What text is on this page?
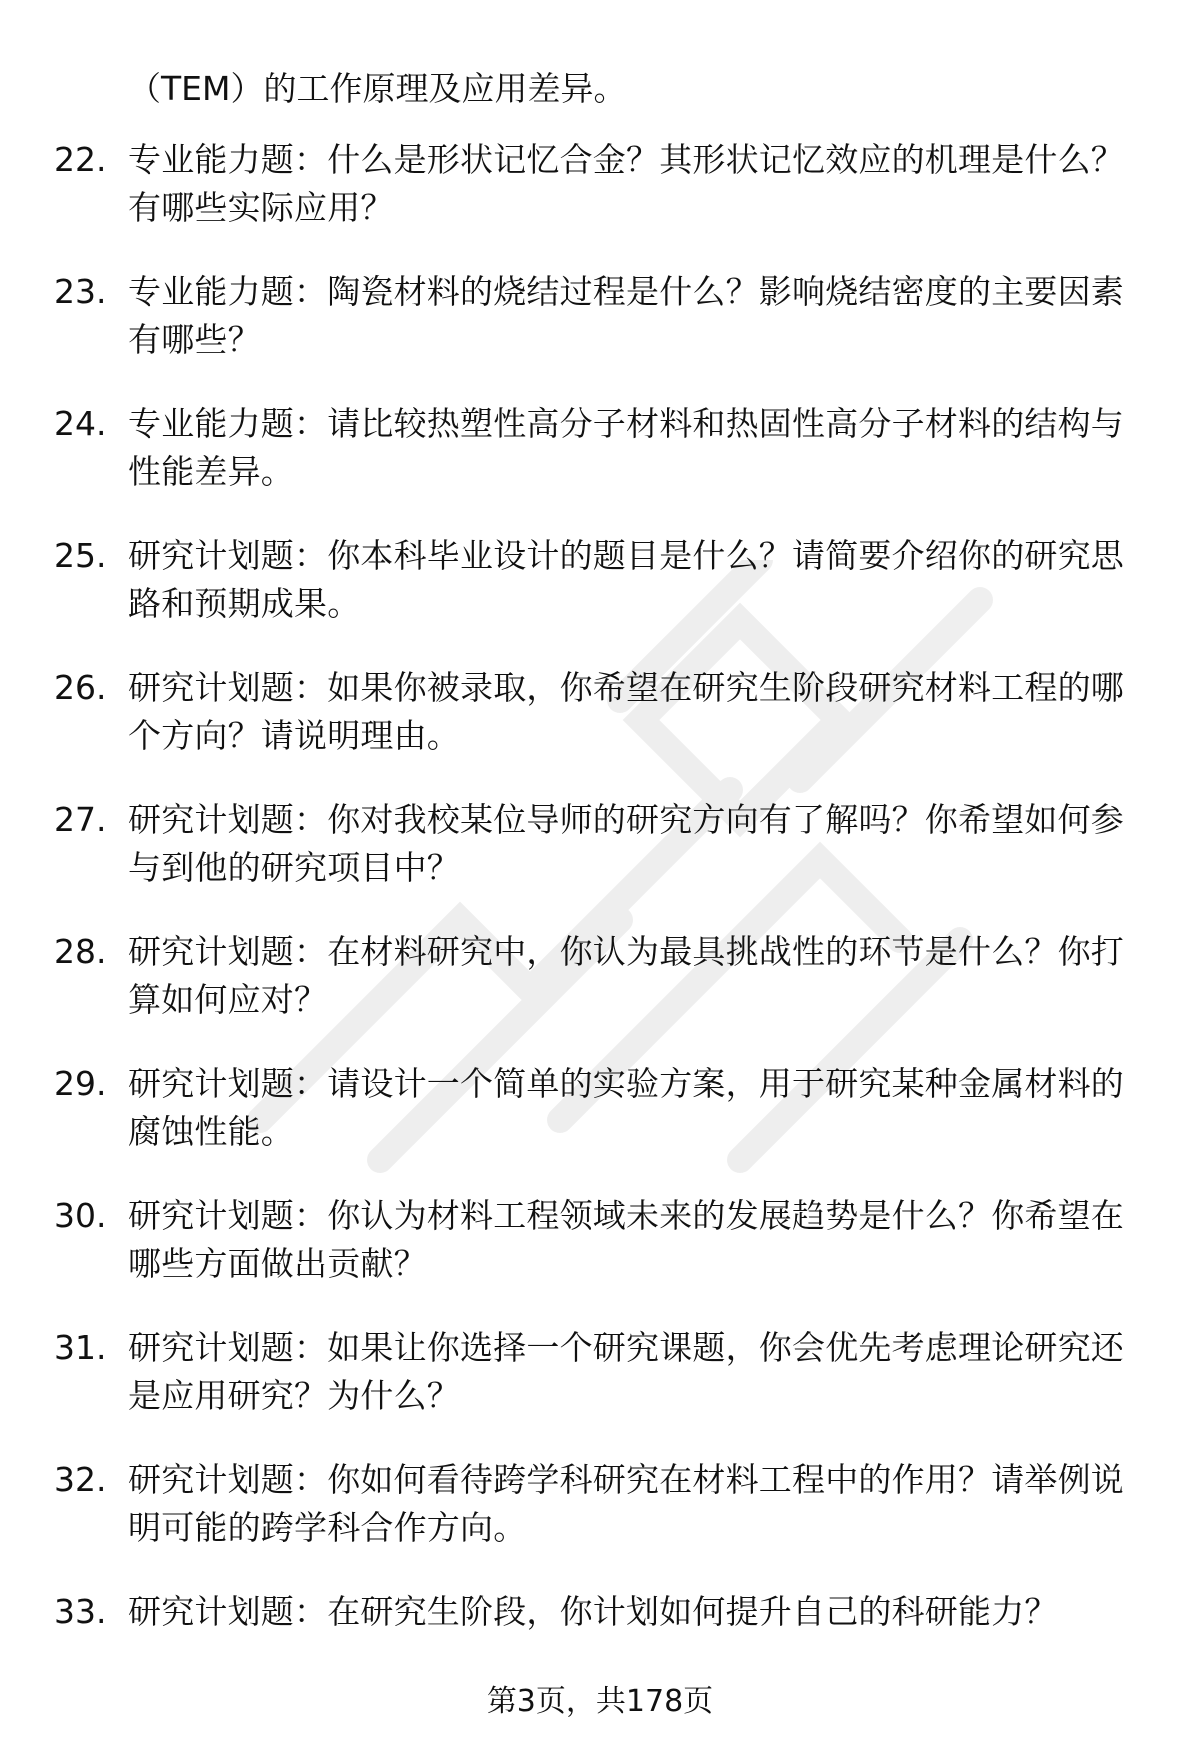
（TEM）的工作原理及应用差异。
22. 专业能力题：什么是形状记忆合金？其形状记忆效应的机理是什么？有哪些实际应用？
23. 专业能力题：陶瓷材料的烧结过程是什么？影响烧结密度的主要因素有哪些？
24. 专业能力题：请比较热塑性高分子材料和热固性高分子材料的结构与性能差异。
25. 研究计划题：你本科毕业设计的题目是什么？请简要介绍你的研究思路和预期成果。
26. 研究计划题：如果你被录取，你希望在研究生阶段研究材料工程的哪个方向？请说明理由。
27. 研究计划题：你对我校某位导师的研究方向有了解吗？你希望如何参与到他的研究项目中？
28. 研究计划题：在材料研究中，你认为最具挑战性的环节是什么？你打算如何应对？
29. 研究计划题：请设计一个简单的实验方案，用于研究某种金属材料的腐蚀性能。
30. 研究计划题：你认为材料工程领域未来的发展趋势是什么？你希望在哪些方面做出贡献？
31. 研究计划题：如果让你选择一个研究课题，你会优先考虑理论研究还是应用研究？为什么？
32. 研究计划题：你如何看待跨学科研究在材料工程中的作用？请举例说明可能的跨学科合作方向。
33. 研究计划题：在研究生阶段，你计划如何提升自己的科研能力？
第3页，共178页
